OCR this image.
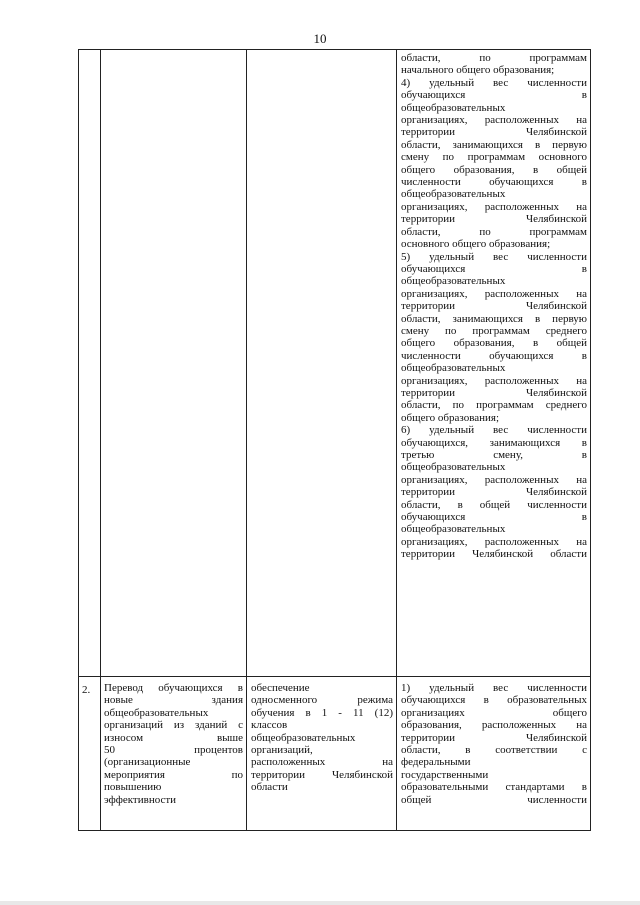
10
области, по программам
начального общего образования;
4) удельный вес численности
обучающихся в
общеобразовательных
организациях, расположенных на
территории Челябинской
области, занимающихся в первую
смену по программам основного
общего образования, в общей
численности обучающихся в
общеобразовательных
организациях, расположенных на
территории Челябинской
области, по программам
основного общего образования;
5) удельный вес численности
обучающихся в
общеобразовательных
организациях, расположенных на
территории Челябинской
области, занимающихся в первую
смену по программам среднего
общего образования, в общей
численности обучающихся в
общеобразовательных
организациях, расположенных на
территории Челябинской
области, по программам среднего
общего образования;
6) удельный вес численности
обучающихся, занимающихся в
третью смену, в
общеобразовательных
организациях, расположенных на
территории Челябинской
области, в общей численности
обучающихся в
общеобразовательных
организациях, расположенных на
территории Челябинской области
2.	Перевод обучающихся в
новые здания
общеобразовательных
организаций из зданий с
износом выше
50 процентов
(организационные
мероприятия по
повышению
эффективности
обеспечение
односменного режима
обучения в 1 - 11 (12)
классов
общеобразовательных
организаций,
расположенных на
территории Челябинской
области
1) удельный вес численности
обучающихся в образовательных
организациях общего
образования, расположенных на
территории Челябинской
области, в соответствии с
федеральными
государственными
образовательными стандартами в
общей численности
